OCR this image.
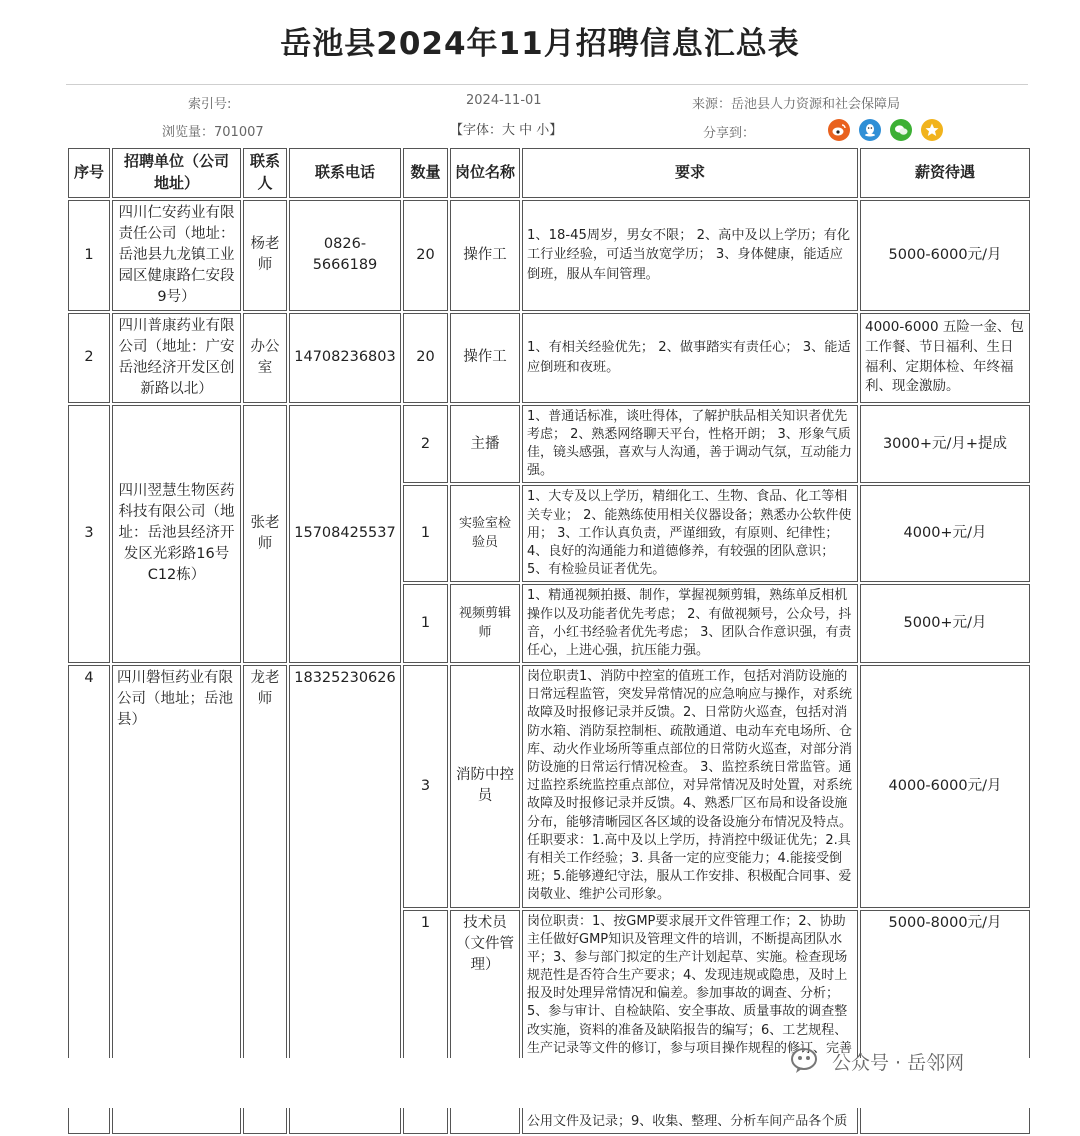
岳池县2024年11月招聘信息汇总表
索引号:	2024-11-01	来源：岳池县人力资源和社会保障局
浏览量：701007	【字体：大 中 小】	分享到：
序号	招聘单位（公司地址）	联系人	联系电话	数量	岗位名称	要求	薪资待遇
1	四川仁安药业有限责任公司（地址：岳池县九龙镇工业园区健康路仁安段9号）	杨老师	0826-5666189	20	操作工	1、18-45周岁，男女不限； 2、高中及以上学历；有化工行业经验，可适当放宽学历； 3、身体健康，能适应倒班，服从车间管理。	5000-6000元/月
2	四川普康药业有限公司（地址：广安岳池经济开发区创新路以北）	办公室	14708236803	20	操作工	1、有相关经验优先； 2、做事踏实有责任心； 3、能适应倒班和夜班。	4000-6000 五险一金、包工作餐、节日福利、生日福利、定期体检、年终福利、现金激励。
3	四川翌慧生物医药科技有限公司（地址：岳池县经济开发区光彩路16号C12栋）	张老师	15708425537	2	主播	1、普通话标准，谈吐得体，了解护肤品相关知识者优先考虑； 2、熟悉网络聊天平台，性格开朗； 3、形象气质佳，镜头感强，喜欢与人沟通，善于调动气氛，互动能力强。	3000+元/月+提成
				1	实验室检验员	1、大专及以上学历，精细化工、生物、食品、化工等相关专业； 2、能熟练使用相关仪器设备；熟悉办公软件使用； 3、工作认真负责，严谨细致，有原则、纪律性； 4、良好的沟通能力和道德修养，有较强的团队意识； 5、有检验员证者优先。	4000+元/月
				1	视频剪辑师	1、精通视频拍摄、制作，掌握视频剪辑，熟练单反相机操作以及功能者优先考虑； 2、有做视频号，公众号，抖音，小红书经验者优先考虑； 3、团队合作意识强，有责任心，上进心强，抗压能力强。	5000+元/月
4	四川磐恒药业有限公司（地址；岳池县）	龙老师	18325230626	3	消防中控员	岗位职责1、消防中控室的值班工作，包括对消防设施的日常远程监管，突发异常情况的应急响应与操作，对系统故障及时报修记录并反馈。2、日常防火巡查，包括对消防水箱、消防泵控制柜、疏散通道、电动车充电场所、仓库、动火作业场所等重点部位的日常防火巡查，对部分消防设施的日常运行情况检查。 3、监控系统日常监管。通过监控系统监控重点部位，对异常情况及时处置，对系统故障及时报修记录并反馈。4、熟悉厂区布局和设备设施分布，能够清晰园区各区域的设备设施分布情况及特点。任职要求：1.高中及以上学历，持消控中级证优先；2.具有相关工作经验；3. 具备一定的应变能力；4.能接受倒班；5.能够遵纪守法，服从工作安排、积极配合同事、爱岗敬业、维护公司形象。	4000-6000元/月
				1	技术员（文件管理）	岗位职责：1、按GMP要求展开文件管理工作；2、协助主任做好GMP知识及管理文件的培训，不断提高团队水平；3、参与部门拟定的生产计划起草、实施。检查现场规范性是否符合生产要求；4、发现违规或隐患，及时上报及时处理异常情况和偏差。参加事故的调查、分析；5、参与审计、自检缺陷、安全事故、质量事故的调查整改实施，资料的准备及缺陷报告的编写；6、工艺规程、生产记录等文件的修订，参与项目操作规程的修订、完善 公用文件及记录；9、收集、整理、分析车间产品各个质	5000-8000元/月
公众号 · 岳邻网
